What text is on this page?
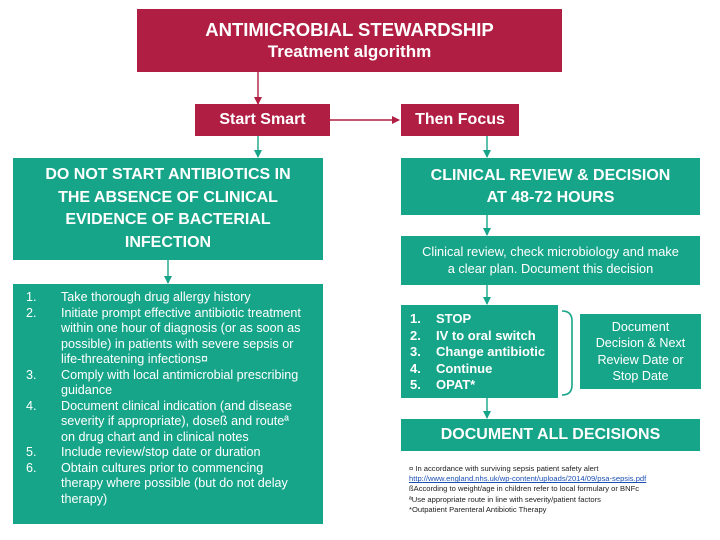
ANTIMICROBIAL STEWARDSHIP
Treatment algorithm
Start Smart	Then Focus
DO NOT START ANTIBIOTICS IN
THE ABSENCE OF CLINICAL
EVIDENCE OF BACTERIAL
INFECTION
1. Take thorough drug allergy history
2. Initiate prompt effective antibiotic treatment
within one hour of diagnosis (or as soon as
possible) in patients with severe sepsis or
life-threatening infections¤
3. Comply with local antimicrobial prescribing
guidance
4. Document clinical indication (and disease
severity if appropriate), doseß and routeª
on drug chart and in clinical notes
5. Include review/stop date or duration
6. Obtain cultures prior to commencing
therapy where possible (but do not delay
therapy)
CLINICAL REVIEW & DECISION
AT 48-72 HOURS
Clinical review, check microbiology and make
a clear plan. Document this decision
1. STOP
2. IV to oral switch
3. Change antibiotic
4. Continue
5. OPAT*
Document
Decision & Next
Review Date or
Stop Date
DOCUMENT ALL DECISIONS
¤ In accordance with surviving sepsis patient safety alert
http://www.england.nhs.uk/wp-content/uploads/2014/09/psa-sepsis.pdf
ßAccording to weight/age in children refer to local formulary or BNFc
ªUse appropriate route in line with severity/patient factors
*Outpatient Parenteral Antibiotic Therapy
